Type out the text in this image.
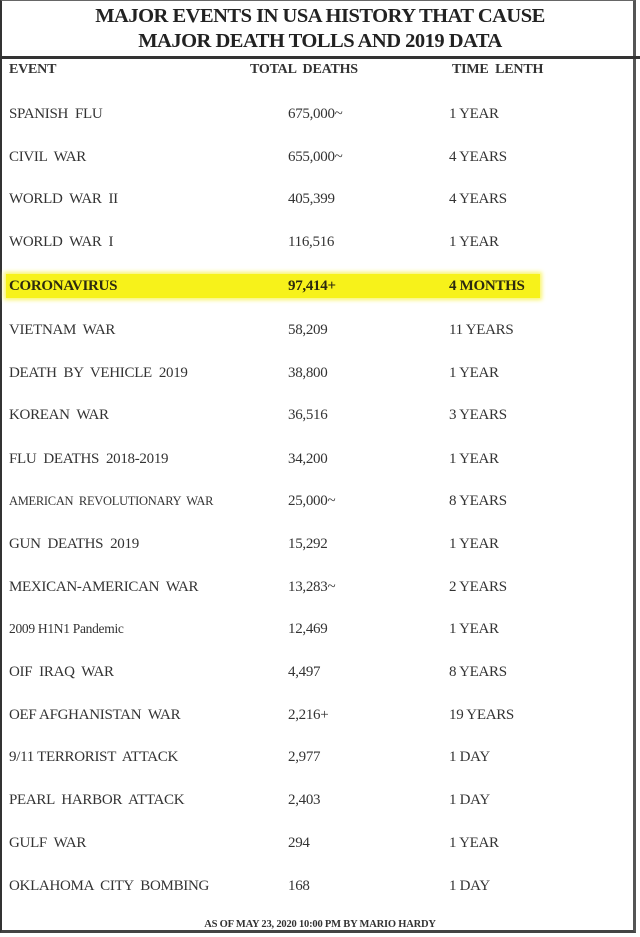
MAJOR EVENTS IN USA HISTORY THAT CAUSE
MAJOR DEATH TOLLS AND 2019 DATA
EVENT	TOTAL  DEATHS	TIME  LENTH
SPANISH  FLU	675,000~	1 YEAR
CIVIL  WAR	655,000~	4 YEARS
WORLD  WAR  II	405,399	4 YEARS
WORLD  WAR  I	116,516	1 YEAR
CORONAVIRUS	97,414+	4 MONTHS
VIETNAM  WAR	58,209	11 YEARS
DEATH  BY  VEHICLE  2019	38,800	1 YEAR
KOREAN  WAR	36,516	3 YEARS
FLU  DEATHS  2018-2019	34,200	1 YEAR
AMERICAN  REVOLUTIONARY  WAR	25,000~	8 YEARS
GUN  DEATHS  2019	15,292	1 YEAR
MEXICAN-AMERICAN  WAR	13,283~	2 YEARS
2009 H1N1 Pandemic	12,469	1 YEAR
OIF  IRAQ  WAR	4,497	8 YEARS
OEF AFGHANISTAN  WAR	2,216+	19 YEARS
9/11 TERRORIST  ATTACK	2,977	1 DAY
PEARL  HARBOR  ATTACK	2,403	1 DAY
GULF  WAR	294	1 YEAR
OKLAHOMA  CITY  BOMBING	168	1 DAY
AS OF MAY 23, 2020 10:00 PM BY MARIO HARDY
